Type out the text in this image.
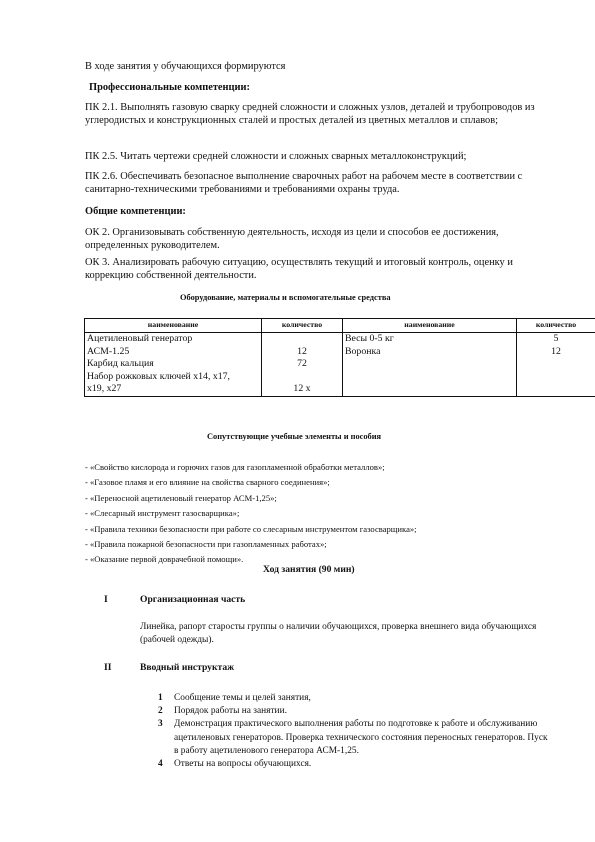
В ходе занятия у обучающихся формируются
Профессиональные компетенции:
ПК 2.1. Выполнять газовую сварку средней сложности и сложных узлов, деталей и трубопроводов из углеродистых и конструкционных сталей и простых деталей из цветных металлов и сплавов;
ПК 2.5. Читать чертежи средней сложности и сложных сварных металлоконструкций;
ПК 2.6. Обеспечивать безопасное выполнение сварочных работ на рабочем месте в соответствии с санитарно-техническими требованиями и требованиями охраны труда.
Общие компетенции:
ОК 2. Организовывать собственную деятельность, исходя из цели и способов ее достижения, определенных руководителем.
ОК 3. Анализировать рабочую ситуацию, осуществлять текущий и итоговый контроль, оценку и коррекцию собственной деятельности.
Оборудование, материалы и вспомогательные средства
наименование	количество	наименование	количество
Ацетиленовый генератор		Весы 0-5 кг	5
АСМ-1.25	12	Воронка	12
Карбид кальция	72		
Набор рожковых ключей х14, х17,			
х19, х27	12 х		
Сопутствующие учебные элементы и пособия
- «Свойство кислорода и горючих газов для газопламенной обработки металлов»;
- «Газовое пламя и его влияние на свойства сварного соединения»;
- «Переносной ацетиленовый генератор АСМ-1,25»;
- «Слесарный инструмент газосварщика»;
- «Правила техники безопасности при работе со слесарным инструментом газосварщика»;
- «Правила пожарной безопасности при газопламенных работах»;
- «Оказание первой доврачебной помощи».
Ход занятия (90 мин)
I	Организационная часть
Линейка, рапорт старосты группы о наличии обучающихся, проверка внешнего вида обучающихся (рабочей одежды).
II	Вводный инструктаж
1	Сообщение темы и целей занятия,
2	Порядок работы на занятии.
3	Демонстрация практического выполнения работы по подготовке к работе и обслуживанию ацетиленовых генераторов. Проверка технического состояния переносных генераторов. Пуск в работу ацетиленового генератора АСМ-1,25.
4	Ответы на вопросы обучающихся.
